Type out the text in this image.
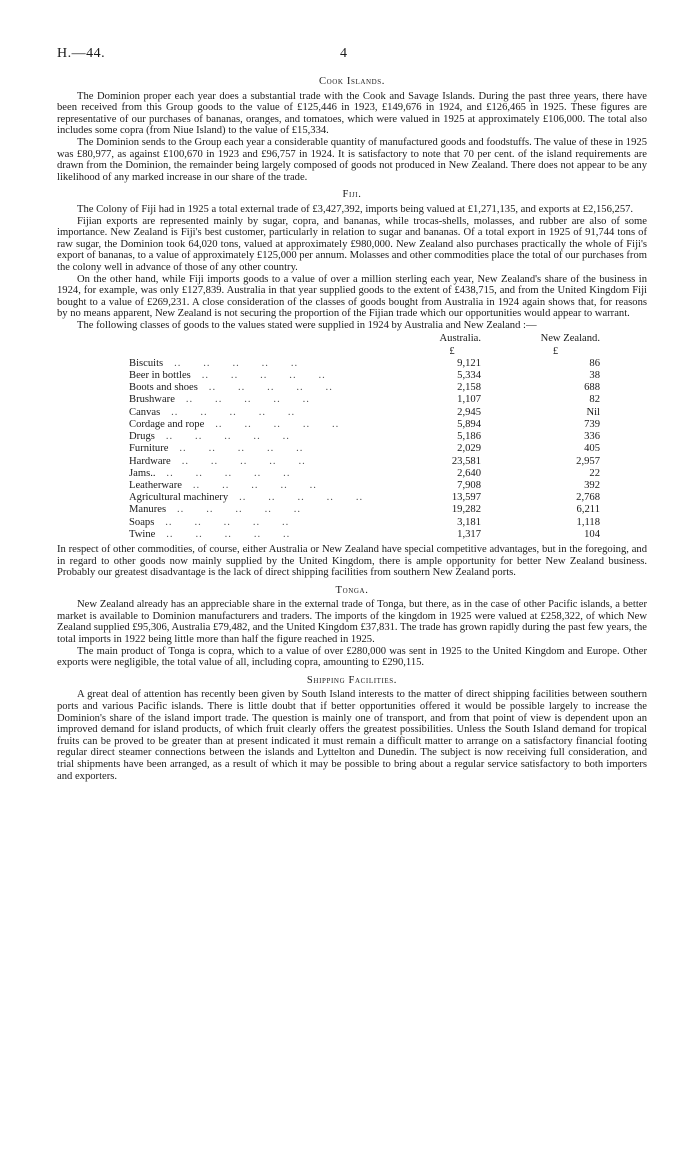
H.—44.	4
Cook Islands.

The Dominion proper each year does a substantial trade with the Cook and Savage Islands. During the past three years, there have been received from this Group goods to the value of £125,446 in 1923, £149,676 in 1924, and £126,465 in 1925. These figures are representative of our purchases of bananas, oranges, and tomatoes, which were valued in 1925 at approximately £106,000. The total also includes some copra (from Niue Island) to the value of £15,334.

The Dominion sends to the Group each year a considerable quantity of manufactured goods and foodstuffs. The value of these in 1925 was £80,977, as against £100,670 in 1923 and £96,757 in 1924. It is satisfactory to note that 70 per cent. of the island requirements are drawn from the Dominion, the remainder being largely composed of goods not produced in New Zealand. There does not appear to be any likelihood of any marked increase in our share of the trade.

Fiji.

The Colony of Fiji had in 1925 a total external trade of £3,427,392, imports being valued at £1,271,135, and exports at £2,156,257.

Fijian exports are represented mainly by sugar, copra, and bananas, while trocas-shells, molasses, and rubber are also of some importance. New Zealand is Fiji's best customer, particularly in relation to sugar and bananas. Of a total export in 1925 of 91,744 tons of raw sugar, the Dominion took 64,020 tons, valued at approximately £980,000. New Zealand also purchases practically the whole of Fiji's export of bananas, to a value of approximately £125,000 per annum. Molasses and other commodities place the total of our purchases from the colony well in advance of those of any other country.

On the other hand, while Fiji imports goods to a value of over a million sterling each year, New Zealand's share of the business in 1924, for example, was only £127,839. Australia in that year supplied goods to the extent of £438,715, and from the United Kingdom Fiji bought to a value of £269,231. A close consideration of the classes of goods bought from Australia in 1924 again shows that, for reasons by no means apparent, New Zealand is not securing the proportion of the Fijian trade which our opportunities would appear to warrant.

The following classes of goods to the values stated were supplied in 1924 by Australia and New Zealand :—

	Australia.	New Zealand.
	£	£
Biscuits   ..      ..      ..      ..      ..	9,121	86
Beer in bottles   ..      ..      ..      ..      ..	5,334	38
Boots and shoes   ..      ..      ..      ..      ..	2,158	688
Brushware   ..      ..      ..      ..      ..	1,107	82
Canvas   ..      ..      ..      ..      ..	2,945	Nil
Cordage and rope   ..      ..      ..      ..      ..	5,894	739
Drugs   ..      ..      ..      ..      ..	5,186	336
Furniture   ..      ..      ..      ..      ..	2,029	405
Hardware   ..      ..      ..      ..      ..	23,581	2,957
Jams..   ..      ..      ..      ..      ..	2,640	22
Leatherware   ..      ..      ..      ..      ..	7,908	392
Agricultural machinery   ..      ..      ..      ..      ..	13,597	2,768
Manures   ..      ..      ..      ..      ..	19,282	6,211
Soaps   ..      ..      ..      ..      ..	3,181	1,118
Twine   ..      ..      ..      ..      ..	1,317	104

In respect of other commodities, of course, either Australia or New Zealand have special competitive advantages, but in the foregoing, and in regard to other goods now mainly supplied by the United Kingdom, there is ample opportunity for better New Zealand business. Probably our greatest disadvantage is the lack of direct shipping facilities from southern New Zealand ports.

Tonga.

New Zealand already has an appreciable share in the external trade of Tonga, but there, as in the case of other Pacific islands, a better market is available to Dominion manufacturers and traders. The imports of the kingdom in 1925 were valued at £258,322, of which New Zealand supplied £95,306, Australia £79,482, and the United Kingdom £37,831. The trade has grown rapidly during the past few years, the total imports in 1922 being little more than half the figure reached in 1925.

The main product of Tonga is copra, which to a value of over £280,000 was sent in 1925 to the United Kingdom and Europe. Other exports were negligible, the total value of all, including copra, amounting to £290,115.

Shipping Facilities.

A great deal of attention has recently been given by South Island interests to the matter of direct shipping facilities between southern ports and various Pacific islands. There is little doubt that if better opportunities offered it would be possible largely to increase the Dominion's share of the island import trade. The question is mainly one of transport, and from that point of view is dependent upon an improved demand for island products, of which fruit clearly offers the greatest possibilities. Unless the South Island demand for tropical fruits can be proved to be greater than at present indicated it must remain a difficult matter to arrange on a satisfactory financial footing regular direct steamer connections between the islands and Lyttelton and Dunedin. The subject is now receiving full consideration, and trial shipments have been arranged, as a result of which it may be possible to bring about a regular service satisfactory to both importers and exporters.
